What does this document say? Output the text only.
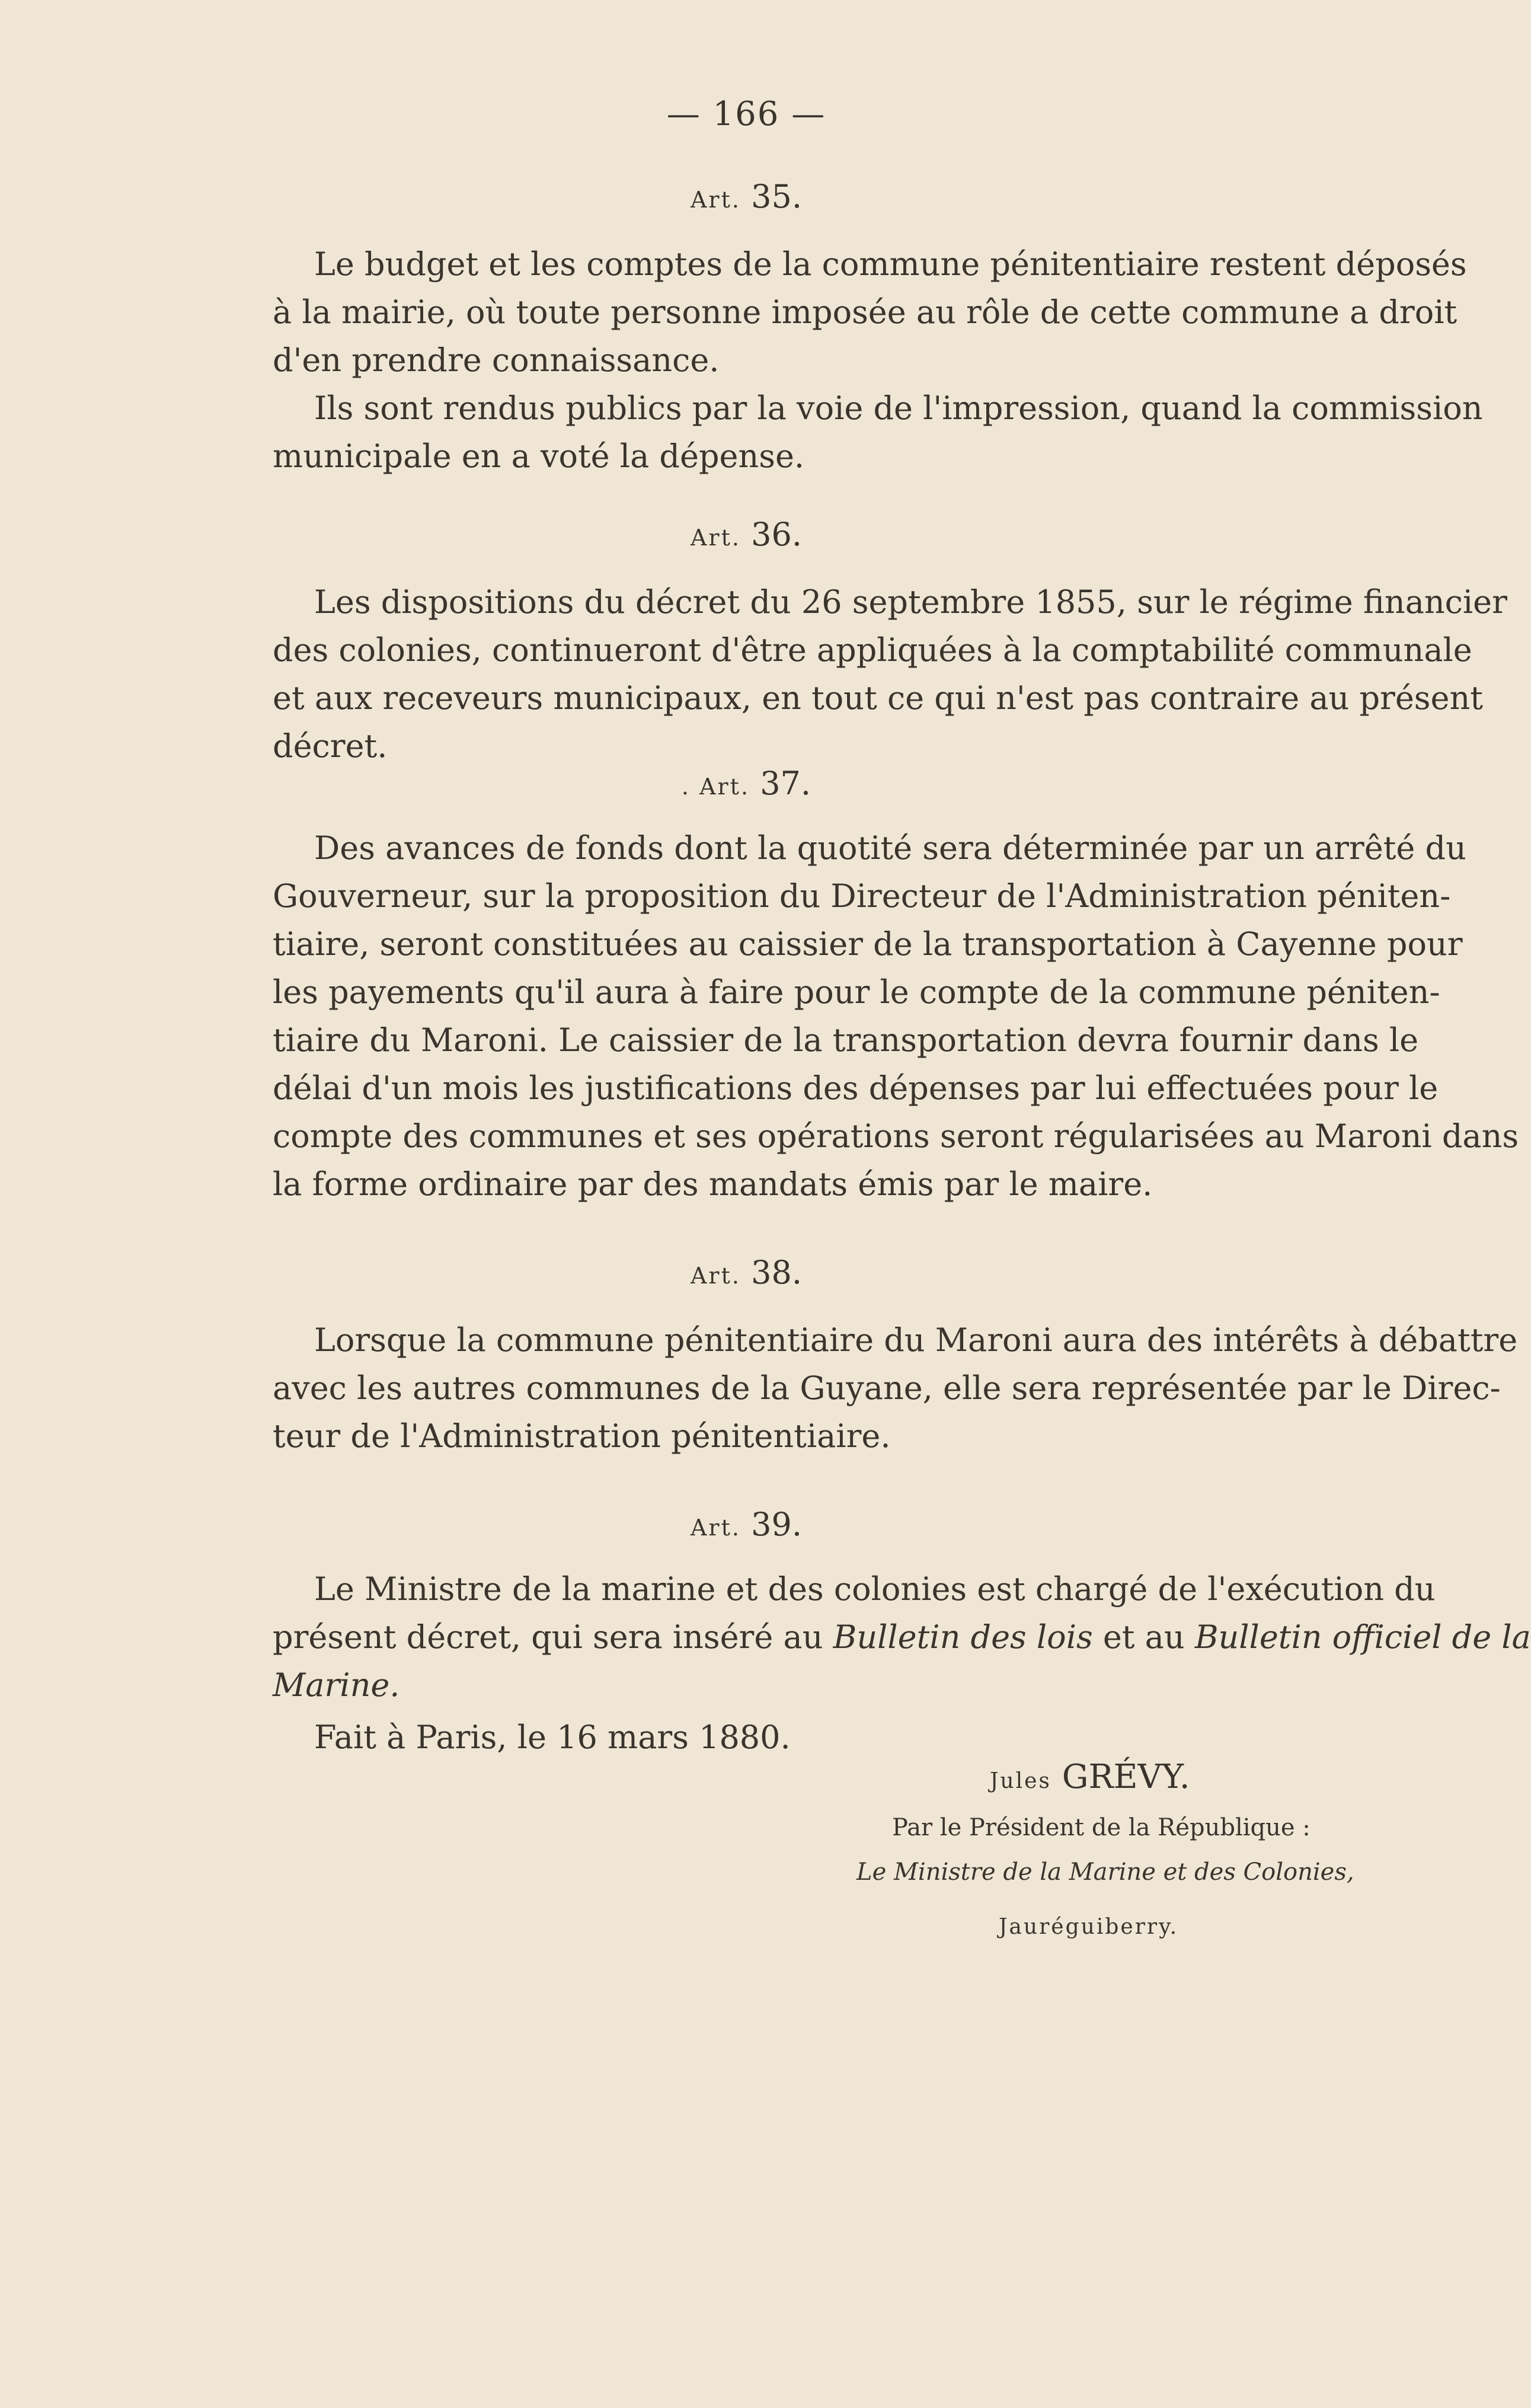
— 166 —
Art. 35.
Le budget et les comptes de la commune pénitentiaire restent déposés
à la mairie, où toute personne imposée au rôle de cette commune a droit
d'en prendre connaissance.
Ils sont rendus publics par la voie de l'impression, quand la commission
municipale en a voté la dépense.
Art. 36.
Les dispositions du décret du 26 septembre 1855, sur le régime financier
des colonies, continueront d'être appliquées à la comptabilité communale
et aux receveurs municipaux, en tout ce qui n'est pas contraire au présent
décret.
. Art. 37.
Des avances de fonds dont la quotité sera déterminée par un arrêté du
Gouverneur, sur la proposition du Directeur de l'Administration péniten-
tiaire, seront constituées au caissier de la transportation à Cayenne pour
les payements qu'il aura à faire pour le compte de la commune péniten-
tiaire du Maroni. Le caissier de la transportation devra fournir dans le
délai d'un mois les justifications des dépenses par lui effectuées pour le
compte des communes et ses opérations seront régularisées au Maroni dans
la forme ordinaire par des mandats émis par le maire.
Art. 38.
Lorsque la commune pénitentiaire du Maroni aura des intérêts à débattre
avec les autres communes de la Guyane, elle sera représentée par le Direc-
teur de l'Administration pénitentiaire.
Art. 39.
Le Ministre de la marine et des colonies est chargé de l'exécution du
présent décret, qui sera inséré au Bulletin des lois et au Bulletin officiel de la
Marine.
Fait à Paris, le 16 mars 1880.
Jules GRÉVY.
Par le Président de la République :
Le Ministre de la Marine et des Colonies,
Jauréguiberry.
